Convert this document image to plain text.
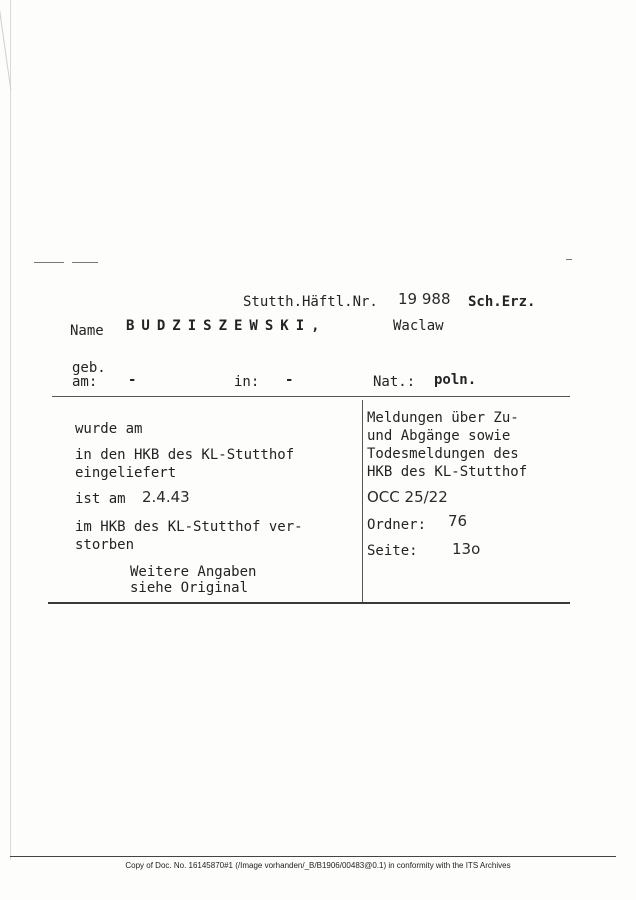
Stutth.Häftl.Nr. 19 988 Sch.Erz.
Name BUDZISZEWSKI,	Waclaw
geb.
am: -	in: -	Nat.: poln.
wurde am
in den HKB des KL-Stutthof
eingeliefert
ist am 2.4.43
im HKB des KL-Stutthof ver-
storben
Weitere Angaben
siehe Original
Meldungen über Zu-
und Abgänge sowie
Todesmeldungen des
HKB des KL-Stutthof
OCC 25/22
Ordner: 76
Seite: 13o
Copy of Doc. No. 16145870#1 (/Image vorhanden/_B/B1906/00483@0.1) in conformity with the ITS Archives
